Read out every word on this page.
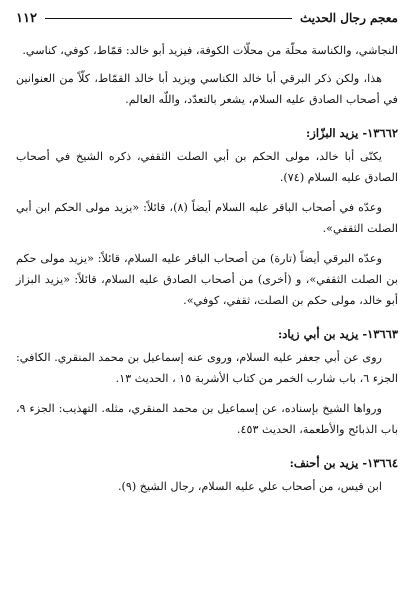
١١٢	معجم رجال الحديث

النجاشي، والكناسة محلّة من محلّات الكوفة، فيزيد أبو خالد: قمّاط، كوفي، كناسي.

هذا، ولكن ذكر البرقي أبا خالد الكناسي ويزيد أبا خالد القمّاط، كلّاً من العنوانين في أصحاب الصادق عليه السلام، يشعر بالتعدّد، واللّه العالم.

١٣٦٦٢- يزيد البزّاز:

يكنّى أبا خالد، مولى الحكم بن أبي الصلت الثقفي، ذكره الشيخ في أصحاب الصادق عليه السلام (٧٤).

وعدّه في أصحاب الباقر عليه السلام أيضاً (٨)، قائلاً: «يزيد مولى الحكم ابن أبي الصلت الثقفي».

وعدّه البرقي أيضاً (تارة) من أصحاب الباقر عليه السلام، قائلاً: «يزيد مولى حكم بن الصلت الثقفي»، و (أخرى) من أصحاب الصادق عليه السلام، قائلاً: «يزيد البزاز أبو خالد، مولى حكم بن الصلت، ثقفي، كوفي».

١٣٦٦٣- يزيد بن أبي زياد:

روى عن أبي جعفر عليه السلام، وروى عنه إسماعيل بن محمد المنقري. الكافي: الجزء ٦، باب شارب الخمر من كتاب الأشربة ١٥ ، الحديث ١٣.

ورواها الشيخ بإسناده، عن إسماعيل بن محمد المنقري، مثله. التهذيب: الجزء ٩، باب الذبائح والأطعمة، الحديث ٤٥٣.

١٣٦٦٤- يزيد بن أحنف:

ابن قيس، من أصحاب علي عليه السلام، رجال الشيخ (٩).
